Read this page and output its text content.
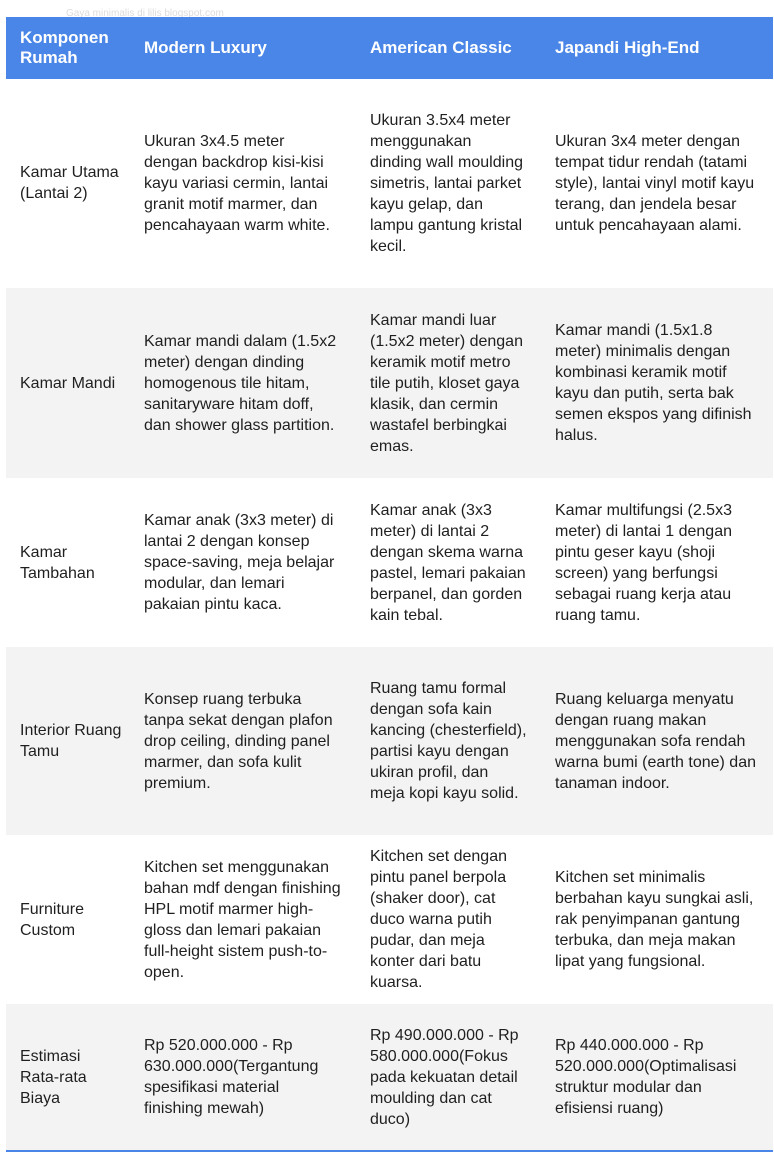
Gaya minimalis di lilis blogspot.com
Komponen Rumah	Modern Luxury	American Classic	Japandi High-End
Kamar Utama (Lantai 2)	Ukuran 3x4.5 meter dengan backdrop kisi-kisi kayu variasi cermin, lantai granit motif marmer, dan pencahayaan warm white.	Ukuran 3.5x4 meter menggunakan dinding wall moulding simetris, lantai parket kayu gelap, dan lampu gantung kristal kecil.	Ukuran 3x4 meter dengan tempat tidur rendah (tatami style), lantai vinyl motif kayu terang, dan jendela besar untuk pencahayaan alami.
Kamar Mandi	Kamar mandi dalam (1.5x2 meter) dengan dinding homogenous tile hitam, sanitaryware hitam doff, dan shower glass partition.	Kamar mandi luar (1.5x2 meter) dengan keramik motif metro tile putih, kloset gaya klasik, dan cermin wastafel berbingkai emas.	Kamar mandi (1.5x1.8 meter) minimalis dengan kombinasi keramik motif kayu dan putih, serta bak semen ekspos yang difinish halus.
Kamar Tambahan	Kamar anak (3x3 meter) di lantai 2 dengan konsep space-saving, meja belajar modular, dan lemari pakaian pintu kaca.	Kamar anak (3x3 meter) di lantai 2 dengan skema warna pastel, lemari pakaian berpanel, dan gorden kain tebal.	Kamar multifungsi (2.5x3 meter) di lantai 1 dengan pintu geser kayu (shoji screen) yang berfungsi sebagai ruang kerja atau ruang tamu.
Interior Ruang Tamu	Konsep ruang terbuka tanpa sekat dengan plafon drop ceiling, dinding panel marmer, dan sofa kulit premium.	Ruang tamu formal dengan sofa kain kancing (chesterfield), partisi kayu dengan ukiran profil, dan meja kopi kayu solid.	Ruang keluarga menyatu dengan ruang makan menggunakan sofa rendah warna bumi (earth tone) dan tanaman indoor.
Furniture Custom	Kitchen set menggunakan bahan mdf dengan finishing HPL motif marmer high-gloss dan lemari pakaian full-height sistem push-to-open.	Kitchen set dengan pintu panel berpola (shaker door), cat duco warna putih pudar, dan meja konter dari batu kuarsa.	Kitchen set minimalis berbahan kayu sungkai asli, rak penyimpanan gantung terbuka, dan meja makan lipat yang fungsional.
Estimasi Rata-rata Biaya	Rp 520.000.000 - Rp 630.000.000(Tergantung spesifikasi material finishing mewah)	Rp 490.000.000 - Rp 580.000.000(Fokus pada kekuatan detail moulding dan cat duco)	Rp 440.000.000 - Rp 520.000.000(Optimalisasi struktur modular dan efisiensi ruang)
